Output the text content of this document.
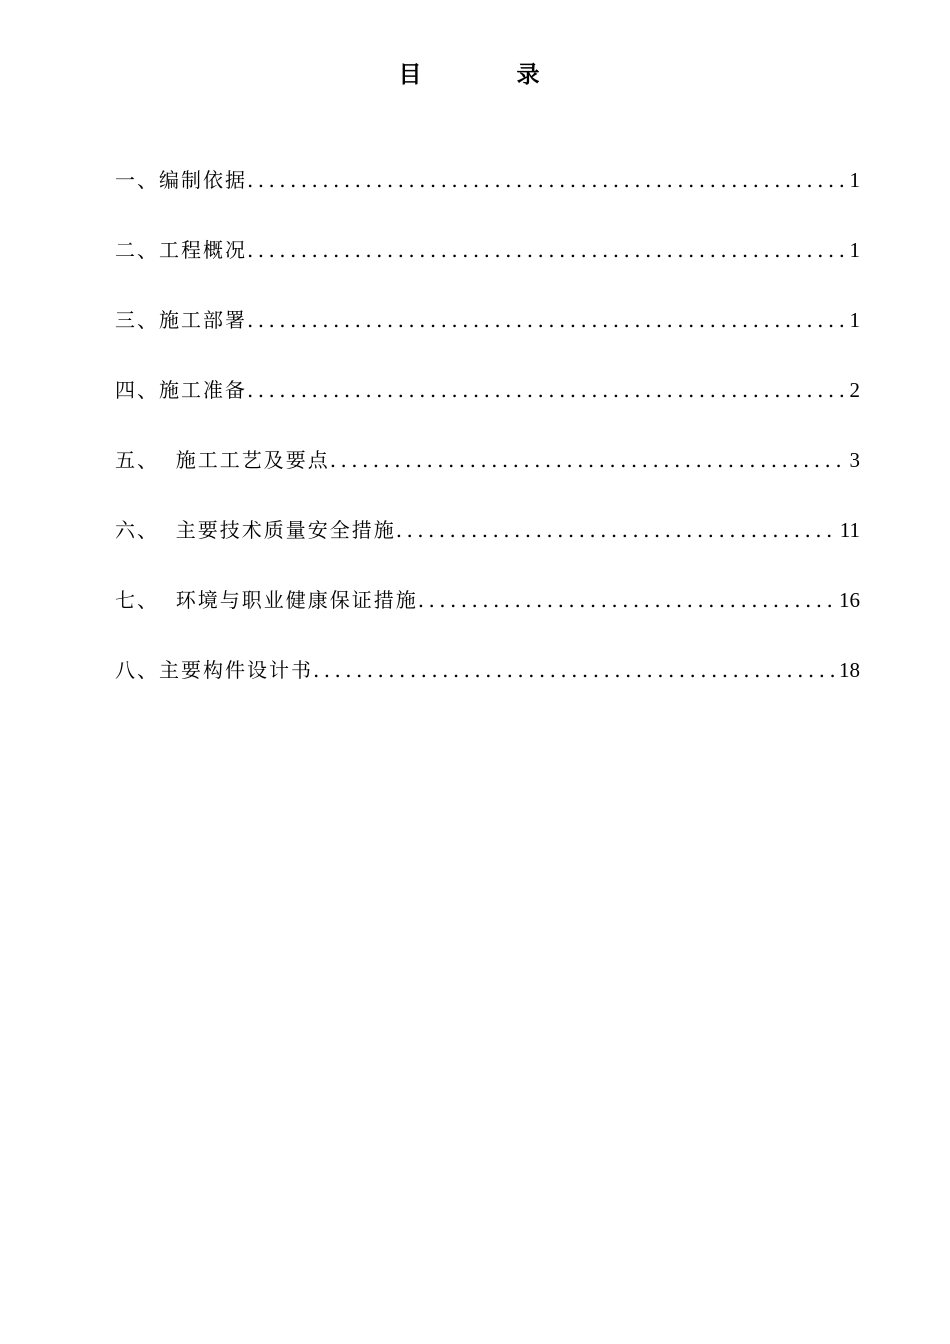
目　录
一、编制依据 .....	1
二、工程概况 .....	1
三、施工部署 .....	1
四、施工准备 .....	2
五、  施工工艺及要点 .....	3
六、  主要技术质量安全措施 .....	11
七、  环境与职业健康保证措施 .....	16
八、主要构件设计书 .....	18
